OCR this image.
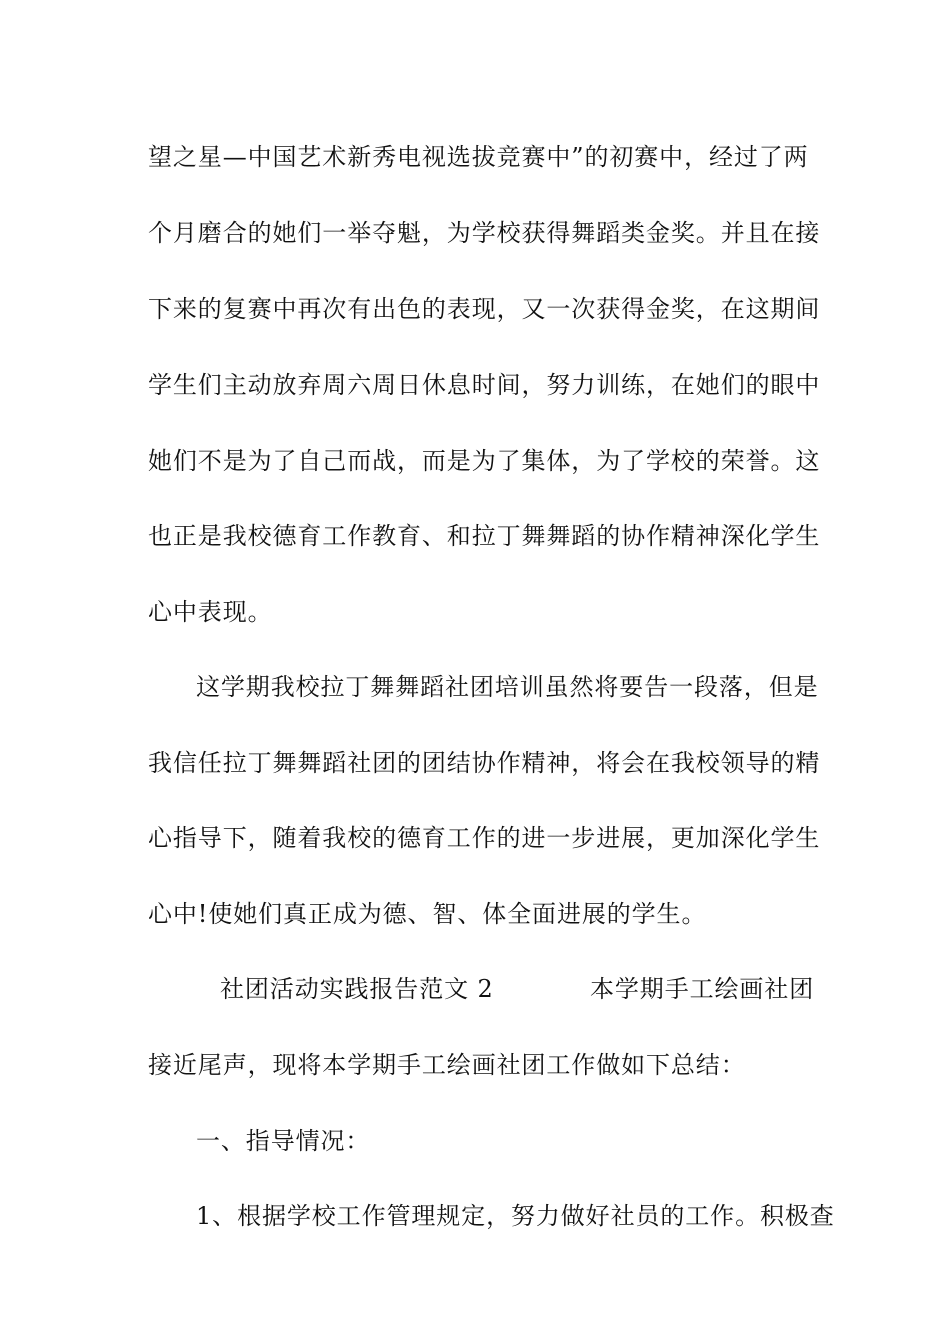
望之星—中国艺术新秀电视选拔竞赛中”的初赛中，经过了两
个月磨合的她们一举夺魁，为学校获得舞蹈类金奖。并且在接
下来的复赛中再次有出色的表现，又一次获得金奖，在这期间
学生们主动放弃周六周日休息时间，努力训练，在她们的眼中
她们不是为了自己而战，而是为了集体，为了学校的荣誉。这
也正是我校德育工作教育、和拉丁舞舞蹈的协作精神深化学生
心中表现。
这学期我校拉丁舞舞蹈社团培训虽然将要告一段落，但是
我信任拉丁舞舞蹈社团的团结协作精神，将会在我校领导的精
心指导下，随着我校的德育工作的进一步进展，更加深化学生
心中!使她们真正成为德、智、体全面进展的学生。
社团活动实践报告范文 2	本学期手工绘画社团
接近尾声，现将本学期手工绘画社团工作做如下总结：
一、指导情况：
1、根据学校工作管理规定，努力做好社员的工作。积极查
